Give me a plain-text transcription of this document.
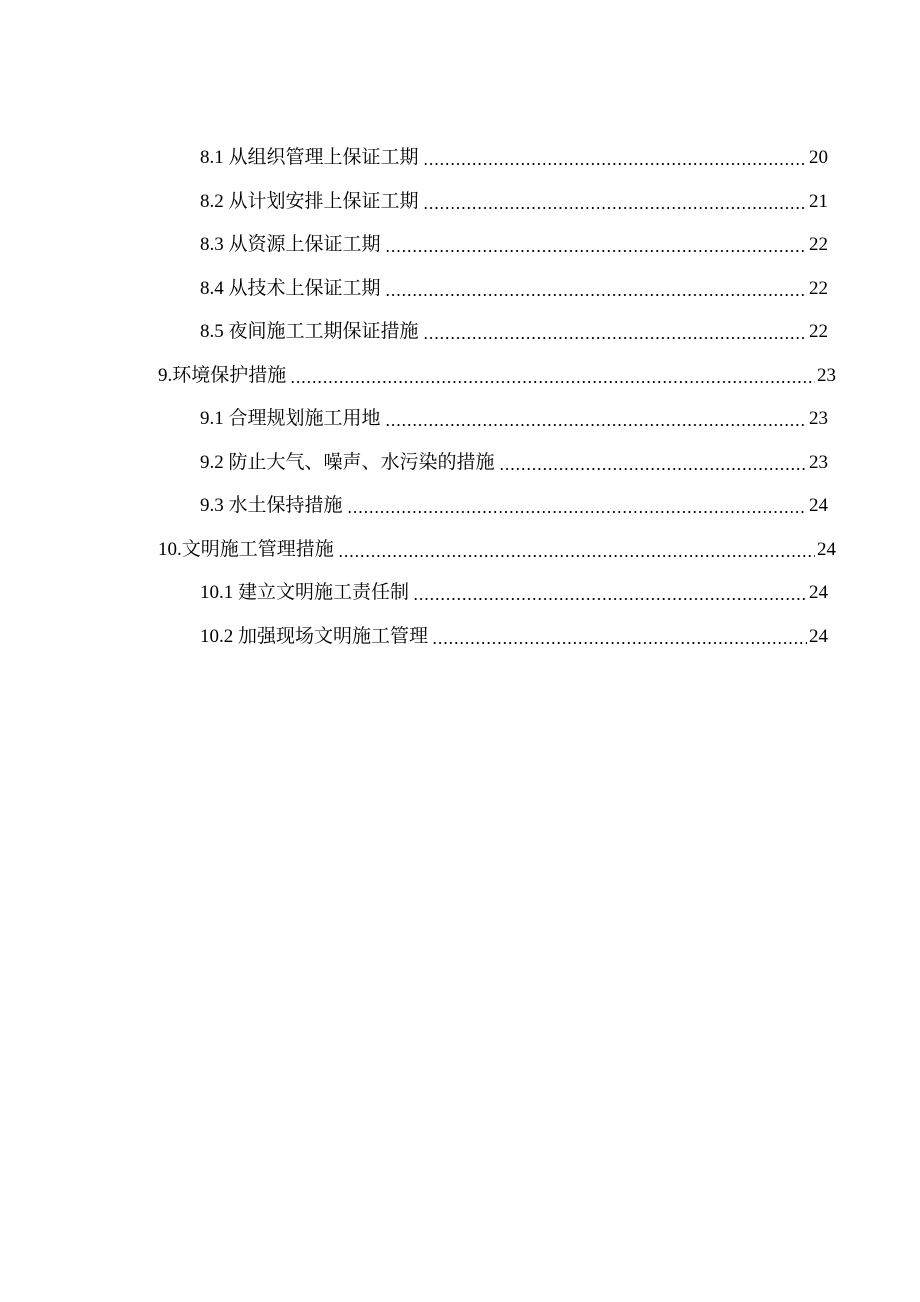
8.1 从组织管理上保证工期	20
8.2 从计划安排上保证工期	21
8.3 从资源上保证工期	22
8.4 从技术上保证工期	22
8.5 夜间施工工期保证措施	22
9.环境保护措施	23
9.1 合理规划施工用地	23
9.2 防止大气、噪声、水污染的措施	23
9.3 水土保持措施	24
10.文明施工管理措施	24
10.1 建立文明施工责任制	24
10.2 加强现场文明施工管理	24
